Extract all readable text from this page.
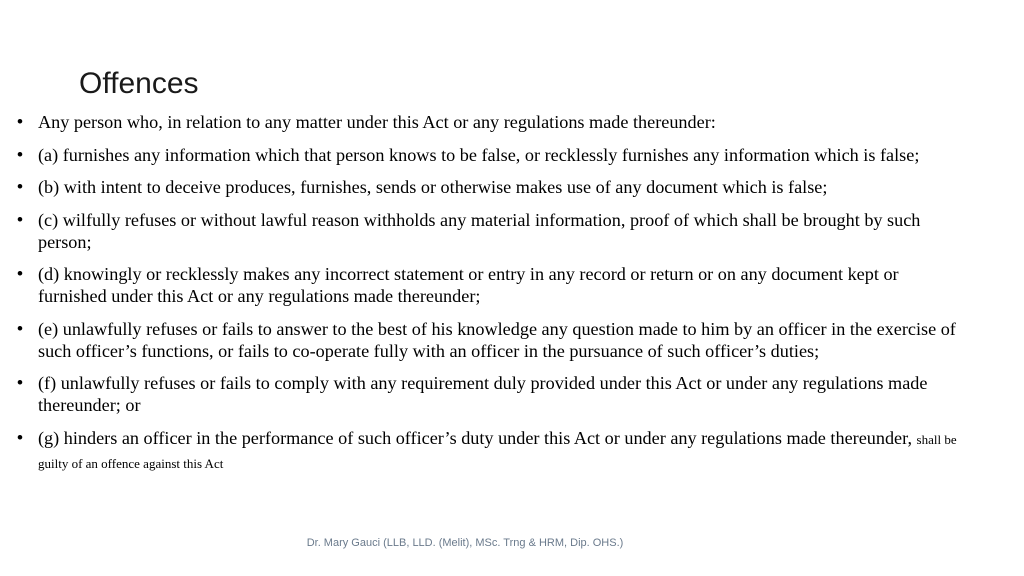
Offences
• Any person who, in relation to any matter under this Act or any regulations made thereunder:
• (a) furnishes any information which that person knows to be false, or recklessly furnishes any information which is false;
• (b) with intent to deceive produces, furnishes, sends or otherwise makes use of any document which is false;
• (c) wilfully refuses or without lawful reason withholds any material information, proof of which shall be brought by such person;
• (d) knowingly or recklessly makes any incorrect statement or entry in any record or return or on any document kept or furnished under this Act or any regulations made thereunder;
• (e) unlawfully refuses or fails to answer to the best of his knowledge any question made to him by an officer in the exercise of such officer’s functions, or fails to co-operate fully with an officer in the pursuance of such officer’s duties;
• (f) unlawfully refuses or fails to comply with any requirement duly provided under this Act or under any regulations made thereunder; or
• (g) hinders an officer in the performance of such officer’s duty under this Act or under any regulations made thereunder, shall be guilty of an offence against this Act
Dr. Mary Gauci (LLB, LLD. (Melit), MSc. Trng & HRM, Dip. OHS.)
